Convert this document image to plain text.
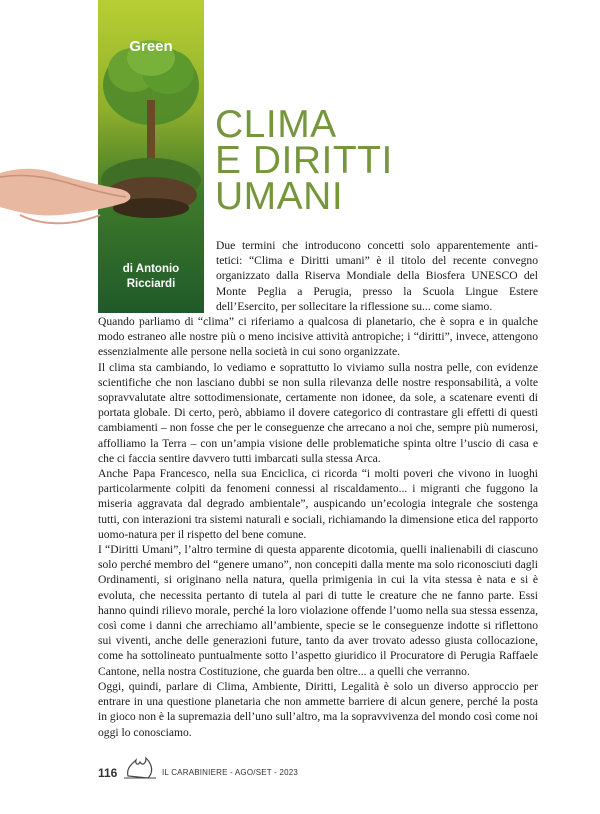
Green
di Antonio
Ricciardi
CLIMA
E DIRITTI
UMANI

Due termini che introducono concetti solo apparentemente anti-tetici: “Clima e Diritti umani” è il titolo del recente convegno organizzato dalla Riserva Mondiale della Biosfera UNESCO del Monte Peglia a Perugia, presso la Scuola Lingue Estere dell’Esercito, per sollecitare la riflessione su... come siamo.

Quando parliamo di “clima” ci riferiamo a qualcosa di planetario, che è sopra e in qualche modo estraneo alle nostre più o meno incisive attività antropiche; i “diritti”, invece, attengono essenzialmente alle persone nella società in cui sono organizzate.

Il clima sta cambiando, lo vediamo e soprattutto lo viviamo sulla nostra pelle, con evidenze scientifiche che non lasciano dubbi se non sulla rilevanza delle nostre responsabilità, a volte sopravvalutate altre sottodimensionate, certamente non idonee, da sole, a scatenare eventi di portata globale. Di certo, però, abbiamo il dovere categorico di contrastare gli effetti di questi cambiamenti – non fosse che per le conseguenze che arrecano a noi che, sempre più numerosi, affolliamo la Terra – con un’ampia visione delle problematiche spinta oltre l’uscio di casa e che ci faccia sentire davvero tutti imbarcati sulla stessa Arca.

Anche Papa Francesco, nella sua Enciclica, ci ricorda “i molti poveri che vivono in luoghi particolarmente colpiti da fenomeni connessi al riscaldamento... i migranti che fuggono la miseria aggravata dal degrado ambientale”, auspicando un’ecologia integrale che sostenga tutti, con interazioni tra sistemi naturali e sociali, richiamando la dimensione etica del rapporto uomo-natura per il rispetto del bene comune.

I “Diritti Umani”, l’altro termine di questa apparente dicotomia, quelli inalienabili di ciascuno solo perché membro del “genere umano”, non concepiti dalla mente ma solo riconosciuti dagli Ordinamenti, si originano nella natura, quella primigenia in cui la vita stessa è nata e si è evoluta, che necessita pertanto di tutela al pari di tutte le creature che ne fanno parte. Essi hanno quindi rilievo morale, perché la loro violazione offende l’uomo nella sua stessa essenza, così come i danni che arrechiamo all’ambiente, specie se le conseguenze indotte si riflettono sui viventi, anche delle generazioni future, tanto da aver trovato adesso giusta collocazione, come ha sottolineato puntualmente sotto l’aspetto giuridico il Procuratore di Perugia Raffaele Cantone, nella nostra Costituzione, che guarda ben oltre... a quelli che verranno.

Oggi, quindi, parlare di Clima, Ambiente, Diritti, Legalità è solo un diverso approccio per entrare in una questione planetaria che non ammette barriere di alcun genere, perché la posta in gioco non è la supremazia dell’uno sull’altro, ma la sopravvivenza del mondo così come noi oggi lo conosciamo.

116	IL CARABINIERE - AGO/SET - 2023
